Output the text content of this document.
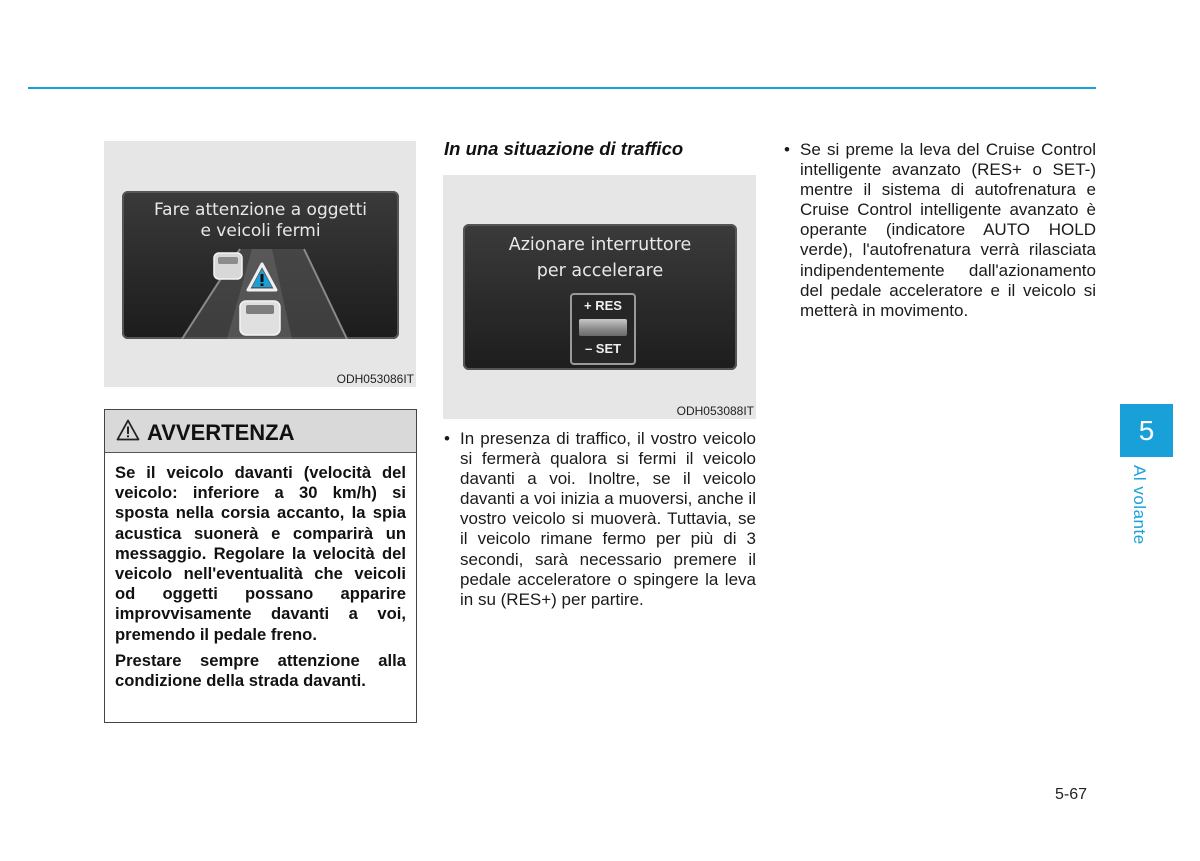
Fare attenzione a oggetti
e veicoli fermi
ODH053086IT
AVVERTENZA

Se il veicolo davanti (velocità del veicolo: inferiore a 30 km/h) si sposta nella corsia accanto, la spia acustica suonerà e comparirà un messaggio. Regolare la velocità del veicolo nell'eventualità che veicoli od oggetti possano apparire improvvisamente davanti a voi, premendo il pedale freno.

Prestare sempre attenzione alla condizione della strada davanti.

In una situazione di traffico
Azionare interruttore
per accelerare
+ RES
– SET
ODH053088IT
• In presenza di traffico, il vostro veicolo si fermerà qualora si fermi il veicolo davanti a voi. Inoltre, se il veicolo davanti a voi inizia a muoversi, anche il vostro veicolo si muoverà. Tuttavia, se il veicolo rimane fermo per più di 3 secondi, sarà necessario premere il pedale acceleratore o spingere la leva in su (RES+) per partire.
• Se si preme la leva del Cruise Control intelligente avanzato (RES+ o SET-) mentre il sistema di autofrenatura e Cruise Control intelligente avanzato è operante (indicatore AUTO HOLD verde), l'autofrenatura verrà rilasciata indipendentemente dall'azionamento del pedale acceleratore e il veicolo si metterà in movimento.
5
Al volante
5-67
